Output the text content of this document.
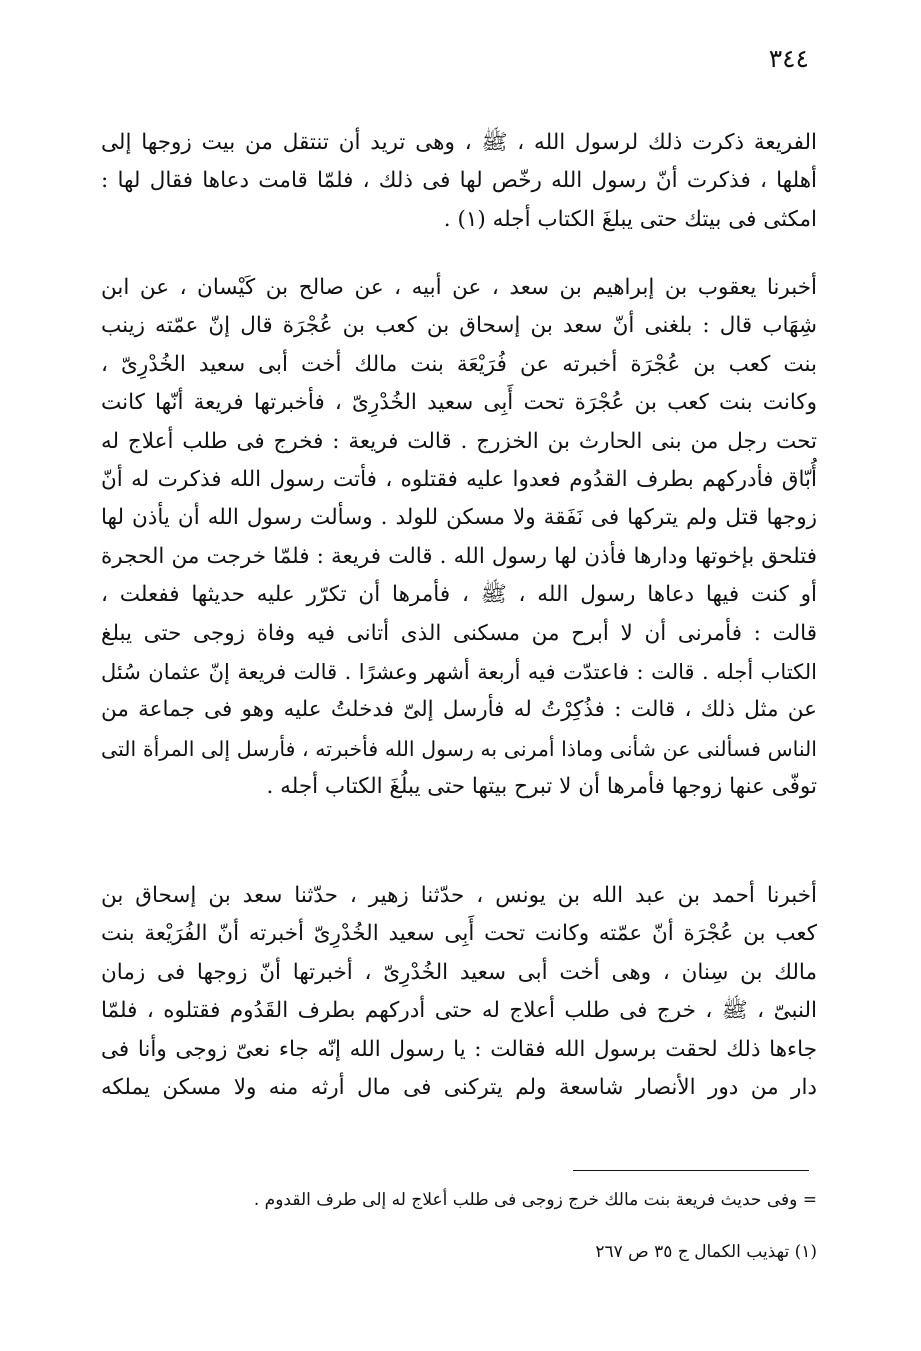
٣٤٤
الفريعة ذكرت ذلك لرسول الله ، ﷺ ، وهى تريد أن تنتقل من بيت زوجها إلى
أهلها ، فذكرت أنّ رسول الله رخّص لها فى ذلك ، فلمّا قامت دعاها فقال لها :
امكثى فى بيتك حتى يبلغَ الكتاب أجله (١) .
أخبرنا يعقوب بن إبراهيم بن سعد ، عن أبيه ، عن صالح بن كَيْسان ، عن ابن
شِهَاب قال : بلغنى أنّ سعد بن إسحاق بن كعب بن عُجْرَة قال إنّ عمّته زينب
بنت كعب بن عُجْرَة أخبرته عن فُرَيْعَة بنت مالك أخت أبى سعيد الخُدْرِىّ ،
وكانت بنت كعب بن عُجْرَة تحت أَبِى سعيد الخُدْرِىّ ، فأخبرتها فريعة أنّها كانت
تحت رجل من بنى الحارث بن الخزرج . قالت فريعة : فخرج فى طلب أعلاج له
أُبّاق فأدركهم بطرف القدُوم فعدوا عليه فقتلوه ، فأتت رسول الله فذكرت له أنّ
زوجها قتل ولم يتركها فى نَفَقة ولا مسكن للولد . وسألت رسول الله أن يأذن لها
فتلحق بإخوتها ودارها فأذن لها رسول الله . قالت فريعة : فلمّا خرجت من الحجرة
أو كنت فيها دعاها رسول الله ، ﷺ ، فأمرها أن تكرّر عليه حديثها ففعلت ،
قالت : فأمرنى أن لا أبرح من مسكنى الذى أتانى فيه وفاة زوجى حتى يبلغ
الكتاب أجله . قالت : فاعتدّت فيه أربعة أشهر وعشرًا . قالت فريعة إنّ عثمان سُئل
عن مثل ذلك ، قالت : فذُكِرْتُ له فأرسل إلىّ فدخلتُ عليه وهو فى جماعة من
الناس فسألنى عن شأنى وماذا أمرنى به رسول الله فأخبرته ، فأرسل إلى المرأة التى
توفّى عنها زوجها فأمرها أن لا تبرح بيتها حتى يبلُغَ الكتاب أجله .
أخبرنا أحمد بن عبد الله بن يونس ، حدّثنا زهير ، حدّثنا سعد بن إسحاق بن
كعب بن عُجْرَة أنّ عمّته وكانت تحت أَبِى سعيد الخُدْرِىّ أخبرته أنّ الفُرَيْعة بنت
مالك بن سِنان ، وهى أخت أبى سعيد الخُدْرِىّ ، أخبرتها أنّ زوجها فى زمان
النبىّ ، ﷺ ، خرج فى طلب أعلاج له حتى أدركهم بطرف القَدُوم فقتلوه ، فلمّا
جاءها ذلك لحقت برسول الله فقالت : يا رسول الله إنّه جاء نعىّ زوجى وأنا فى
دار من دور الأنصار شاسعة ولم يتركنى فى مال أرثه منه ولا مسكن يملكه
= وفى حديث فريعة بنت مالك خرج زوجى فى طلب أعلاج له إلى طرف القدوم .
(١) تهذيب الكمال ج ٣٥ ص ٢٦٧
